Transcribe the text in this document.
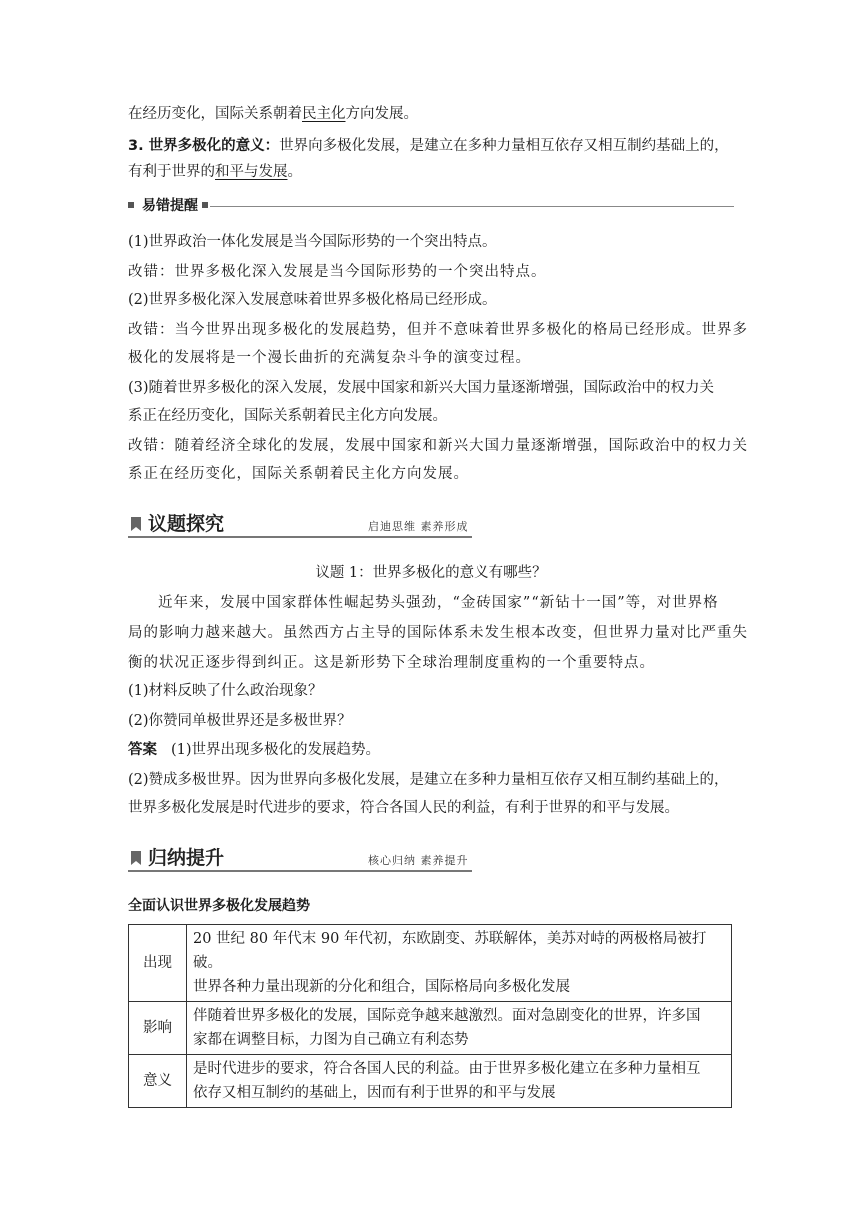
在经历变化，国际关系朝着民主化方向发展。
3. 世界多极化的意义：世界向多极化发展，是建立在多种力量相互依存又相互制约基础上的，
有利于世界的和平与发展。
易错提醒
(1)世界政治一体化发展是当今国际形势的一个突出特点。
改错：世界多极化深入发展是当今国际形势的一个突出特点。
(2)世界多极化深入发展意味着世界多极化格局已经形成。
改错：当今世界出现多极化的发展趋势，但并不意味着世界多极化的格局已经形成。世界多
极化的发展将是一个漫长曲折的充满复杂斗争的演变过程。
(3)随着世界多极化的深入发展，发展中国家和新兴大国力量逐渐增强，国际政治中的权力关
系正在经历变化，国际关系朝着民主化方向发展。
改错：随着经济全球化的发展，发展中国家和新兴大国力量逐渐增强，国际政治中的权力关
系正在经历变化，国际关系朝着民主化方向发展。
议题探究	启迪思维 素养形成
议题 1：世界多极化的意义有哪些？
近年来，发展中国家群体性崛起势头强劲，“金砖国家”“新钻十一国”等，对世界格
局的影响力越来越大。虽然西方占主导的国际体系未发生根本改变，但世界力量对比严重失
衡的状况正逐步得到纠正。这是新形势下全球治理制度重构的一个重要特点。
(1)材料反映了什么政治现象？
(2)你赞同单极世界还是多极世界？
答案 (1)世界出现多极化的发展趋势。
(2)赞成多极世界。因为世界向多极化发展，是建立在多种力量相互依存又相互制约基础上的，
世界多极化发展是时代进步的要求，符合各国人民的利益，有利于世界的和平与发展。
归纳提升	核心归纳 素养提升
全面认识世界多极化发展趋势
出现	20 世纪 80 年代末 90 年代初，东欧剧变、苏联解体，美苏对峙的两极格局被打破。
世界各种力量出现新的分化和组合，国际格局向多极化发展

影响	伴随着世界多极化的发展，国际竞争越来越激烈。面对急剧变化的世界，许多国
家都在调整目标，力图为自己确立有利态势

意义	是时代进步的要求，符合各国人民的利益。由于世界多极化建立在多种力量相互
依存又相互制约的基础上，因而有利于世界的和平与发展
